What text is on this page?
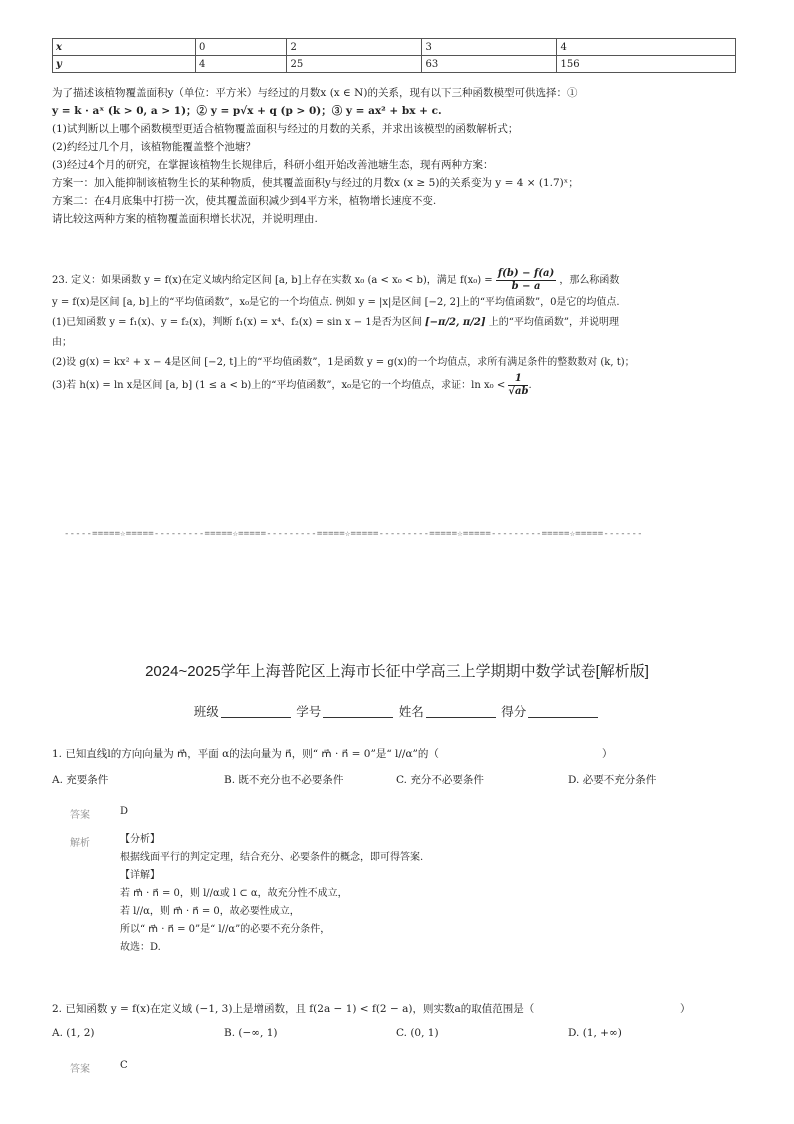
x	0	2	3	4
y	4	25	63	156
为了描述该植物覆盖面积y（单位：平方米）与经过的月数x (x ∈ N)的关系，现有以下三种函数模型可供选择：①
y = k · aˣ (k > 0, a > 1)；② y = p√x + q (p > 0)；③ y = ax² + bx + c.
(1)试判断以上哪个函数模型更适合植物覆盖面积与经过的月数的关系，并求出该模型的函数解析式；
(2)约经过几个月，该植物能覆盖整个池塘？
(3)经过4个月的研究，在掌握该植物生长规律后，科研小组开始改善池塘生态，现有两种方案：
方案一：加入能抑制该植物生长的某种物质，使其覆盖面积y与经过的月数x (x ≥ 5)的关系变为 y = 4 × (1.7)ˣ；
方案二：在4月底集中打捞一次，使其覆盖面积减少到4平方米，植物增长速度不变.
请比较这两种方案的植物覆盖面积增长状况，并说明理由.
23. 定义：如果函数 y = f(x)在定义域内给定区间 [a, b]上存在实数 x₀ (a < x₀ < b)，满足 $f(x_0) = \frac{f(b) - f(a)}{b - a}$ ，那么称函数
y = f(x)是区间 [a, b]上的“平均值函数”，x₀是它的一个均值点. 例如 y = |x|是区间 [−2, 2]上的“平均值函数”，0是它的均值点.
(1)已知函数 y = f₁(x)、y = f₂(x)，判断 f₁(x) = x⁴、f₂(x) = sin x − 1是否为区间 [−π/2, π/2] 上的“平均值函数”，并说明理
由；
(2)设 g(x) = kx² + x − 4是区间 [−2, t]上的“平均值函数”，1是函数 y = g(x)的一个均值点，求所有满足条件的整数数对 (k, t)；
(3)若 h(x) = ln x是区间 [a, b] (1 ≤ a < b)上的“平均值函数”，x₀是它的一个均值点，求证：$\ln x_0 < \frac{1}{√ab}$ .
-----=====☆=====---------=====☆=====---------=====☆=====---------=====☆=====---------=====☆=====-------
2024~2025学年上海普陀区上海市长征中学高三上学期期中数学试卷[解析版]
班级	学号	姓名	得分
1. 已知直线l的方向向量为 m⃗，平面 α的法向量为 n⃗，则“ m⃗ · n⃗ = 0”是“ l//α”的（	）
A. 充要条件	B. 既不充分也不必要条件	C. 充分不必要条件	D. 必要不充分条件
答案	D
解析	【分析】
根据线面平行的判定定理，结合充分、必要条件的概念，即可得答案.
【详解】
若 m⃗ · n⃗ = 0，则 l//α或 l ⊂ α，故充分性不成立，
若 l//α，则 m⃗ · n⃗ = 0，故必要性成立，
所以“ m⃗ · n⃗ = 0”是“ l//α”的必要不充分条件，
故选：D.
2. 已知函数 y = f(x)在定义域 (−1, 3)上是增函数，且 f(2a − 1) < f(2 − a)，则实数a的取值范围是（	）
A. (1, 2)	B. (−∞, 1)	C. (0, 1)	D. (1, +∞)
答案	C
